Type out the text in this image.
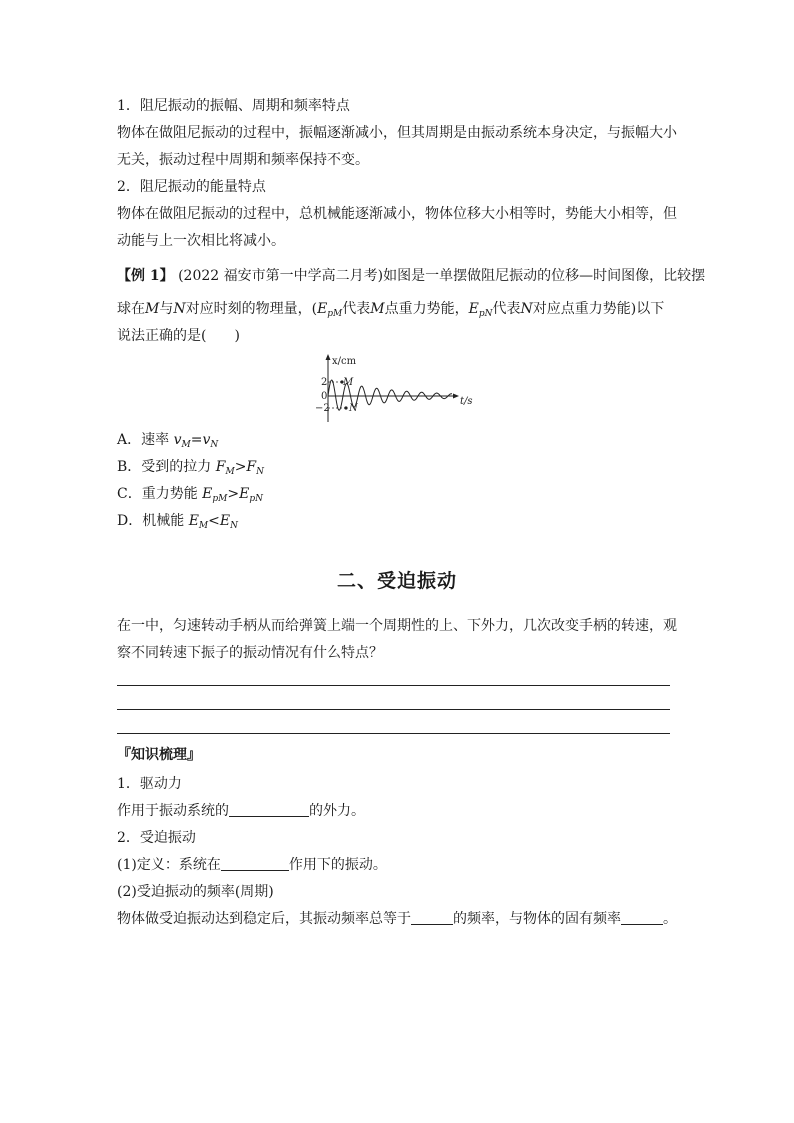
1．阻尼振动的振幅、周期和频率特点
物体在做阻尼振动的过程中，振幅逐渐减小，但其周期是由振动系统本身决定，与振幅大小
无关，振动过程中周期和频率保持不变。
2．阻尼振动的能量特点
物体在做阻尼振动的过程中，总机械能逐渐减小，物体位移大小相等时，势能大小相等，但
动能与上一次相比将减小。
【例 1】 (2022 福安市第一中学高二月考)如图是一单摆做阻尼振动的位移—时间图像，比较摆
球在M与N对应时刻的物理量，($E_{pM}$代表M点重力势能，$E_{pN}$代表N对应点重力势能)以下
说法正确的是( )
x/cm
t/s
2
0
−2
M
N
A．速率 $v_M=v_N$
B．受到的拉力 $F_M>F_N$
C．重力势能 $E_{pM}>E_{pN}$
D．机械能 $E_M<E_N$
二、受迫振动
在一中，匀速转动手柄从而给弹簧上端一个周期性的上、下外力，几次改变手柄的转速，观
察不同转速下振子的振动情况有什么特点？
『知识梳理』
1．驱动力
作用于振动系统的	的外力。
2．受迫振动
(1)定义：系统在	作用下的振动。
(2)受迫振动的频率(周期)
物体做受迫振动达到稳定后，其振动频率总等于	的频率，与物体的固有频率	。
